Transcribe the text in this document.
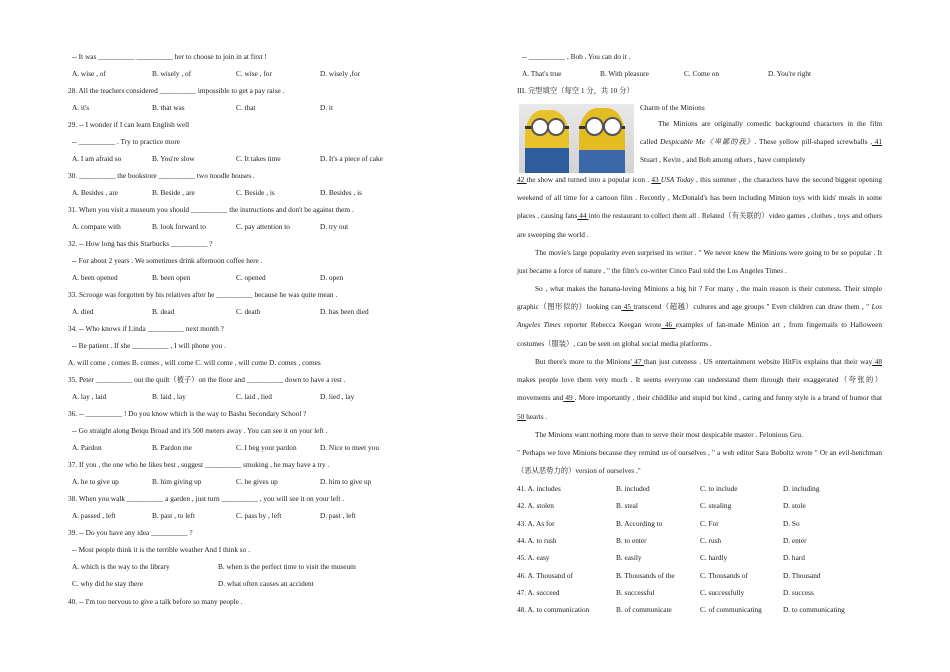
-- It was __________ __________ her to choose to join in at first !
A. wise , of	B. wisely , of	C. wise , for	D. wisely ,for
28. All the teachers considered __________ impossible to get a pay raise .
A. it's	B. that was	C. that	D. it
29. -- I wonder if I can learn English well
-- __________ . Try to practice more
A. I am afraid so	B. You're slow	C. It takes time	D. It's a piece of cake
30. __________ the bookstore __________ two noodle houses .
A. Besides , are	B. Beside , are	C. Beside , is	D. Besides , is
31. When you visit a museum you should __________ the instructions and don't be against them .
A. compare with	B. look forward to	C. pay attention to	D. try out
32. -- How long has this Starbucks __________ ?
-- For about 2 years . We sometimes drink afternoon coffee here .
A. been opened	B. been open	C. opened	D. open
33. Scrooge was forgotten by his relatives after he __________ because he was quite mean .
A. died	B. dead	C. death	D. has been died
34. -- Who knows if Linda __________ next month ?
-- Be patient . If she __________ , I will phone you .
A. will come , comes B. comes , will come C. will come , will come D. comes , comes
35. Peter __________ out the quilt（被子）on the floor and __________ down to have a rest .
A. lay , laid	B. laid , lay	C. laid , lied	D. lied , lay
36. -- __________ ! Do you know which is the way to Bashu Secondary School ?
-- Go straight along Beiqu Broad and it's 500 meters away . You can see it on your left .
A. Pardon	B. Pardon me	C. I beg your pardon	D. Nice to meet you
37. If you , the one who he likes best , suggest __________ smoking , he may have a try .
A. he to give up	B. him giving up	C. he gives up	D. him to give up
38. When you walk __________ a garden , just turn __________ , you will see it on your left .
A. passed , left	B. past , to left	C. pass by , left	D. past , left
39. -- Do you have any idea __________ ?
-- Most people think it is the terrible weather And I think so .
A. which is the way to the library	B. when is the perfect time to visit the museum
C. why did he stay there	D. what often causes an accident
40. -- I'm too nervous to give a talk before so many people .
-- __________ , Bob . You can do it .
A. That's true	B. With pleasure	C. Come on	D. You're right
III. 完型填空（每空 1 分，共 10 分）
Charm of the Minions
The Minions are originally comedic background characters in the film called Despicable Me《卑鄙的我》. These yellow pill-shaped screwballs , 41 Stuart , Kevin , and Bob among others , have completely
42 the show and turned into a popular icon . 43 USA Today , this summer , the characters have the second biggest opening weekend of all time for a cartoon film . Recently , McDonald's has been including Minion toys with kids' meals in some places , causing fans 44 into the restaurant to collect them all . Related（有关联的）video games , clothes , toys and others are sweeping the world .
The movie's large popularity even surprised its writer . " We never knew the Minions were going to be so popular . It just became a force of nature , " the film's co-writer Cinco Paul told the Los Angeles Times .
So , what makes the banana-loving Minions a big hit ? For many , the main reason is their cuteness. Their simple graphic（图形似的）looking can 45 transcend（超越）cultures and age groups " Even children can draw them , " Los Angeles Times reporter Rebecca Keegan wrote 46 examples of fan-made Minion art , from fingernails to Halloween costumes（服装）, can be seen on global social media platforms .
But there's more to the Minions' 47 than just cuteness . US entertainment website HitFix explains that their way 48 makes people love them very much . It seems everyone can understand them through their exaggerated（夸张的）movements and 49 . More importantly , their childlike and stupid but kind , caring and funny style is a brand of humor that 50 hearts .
The Minions want nothing more than to serve their most despicable master . Felonious Gru.
" Perhaps we love Minions because they remind us of ourselves , " a web editor Sara Boboltz wrote " Or an evil-henchman（恶从恶势力的）version of ourselves ."
41. A. includes	B. included	C. to include	D. including
42. A. stolen	B. steal	C. stealing	D. stole
43. A. As for	B. According to	C. For	D. So
44. A. to rush	B. to enter	C. rush	D. enter
45. A. easy	B. easily	C. hardly	D. hard
46. A. Thousand of	B. Thousands of the	C. Thousands of	D. Thousand
47. A. succeed	B. successful	C. successfully	D. success
48. A. to communication	B. of communicate	C. of communicating	D. to communicating
